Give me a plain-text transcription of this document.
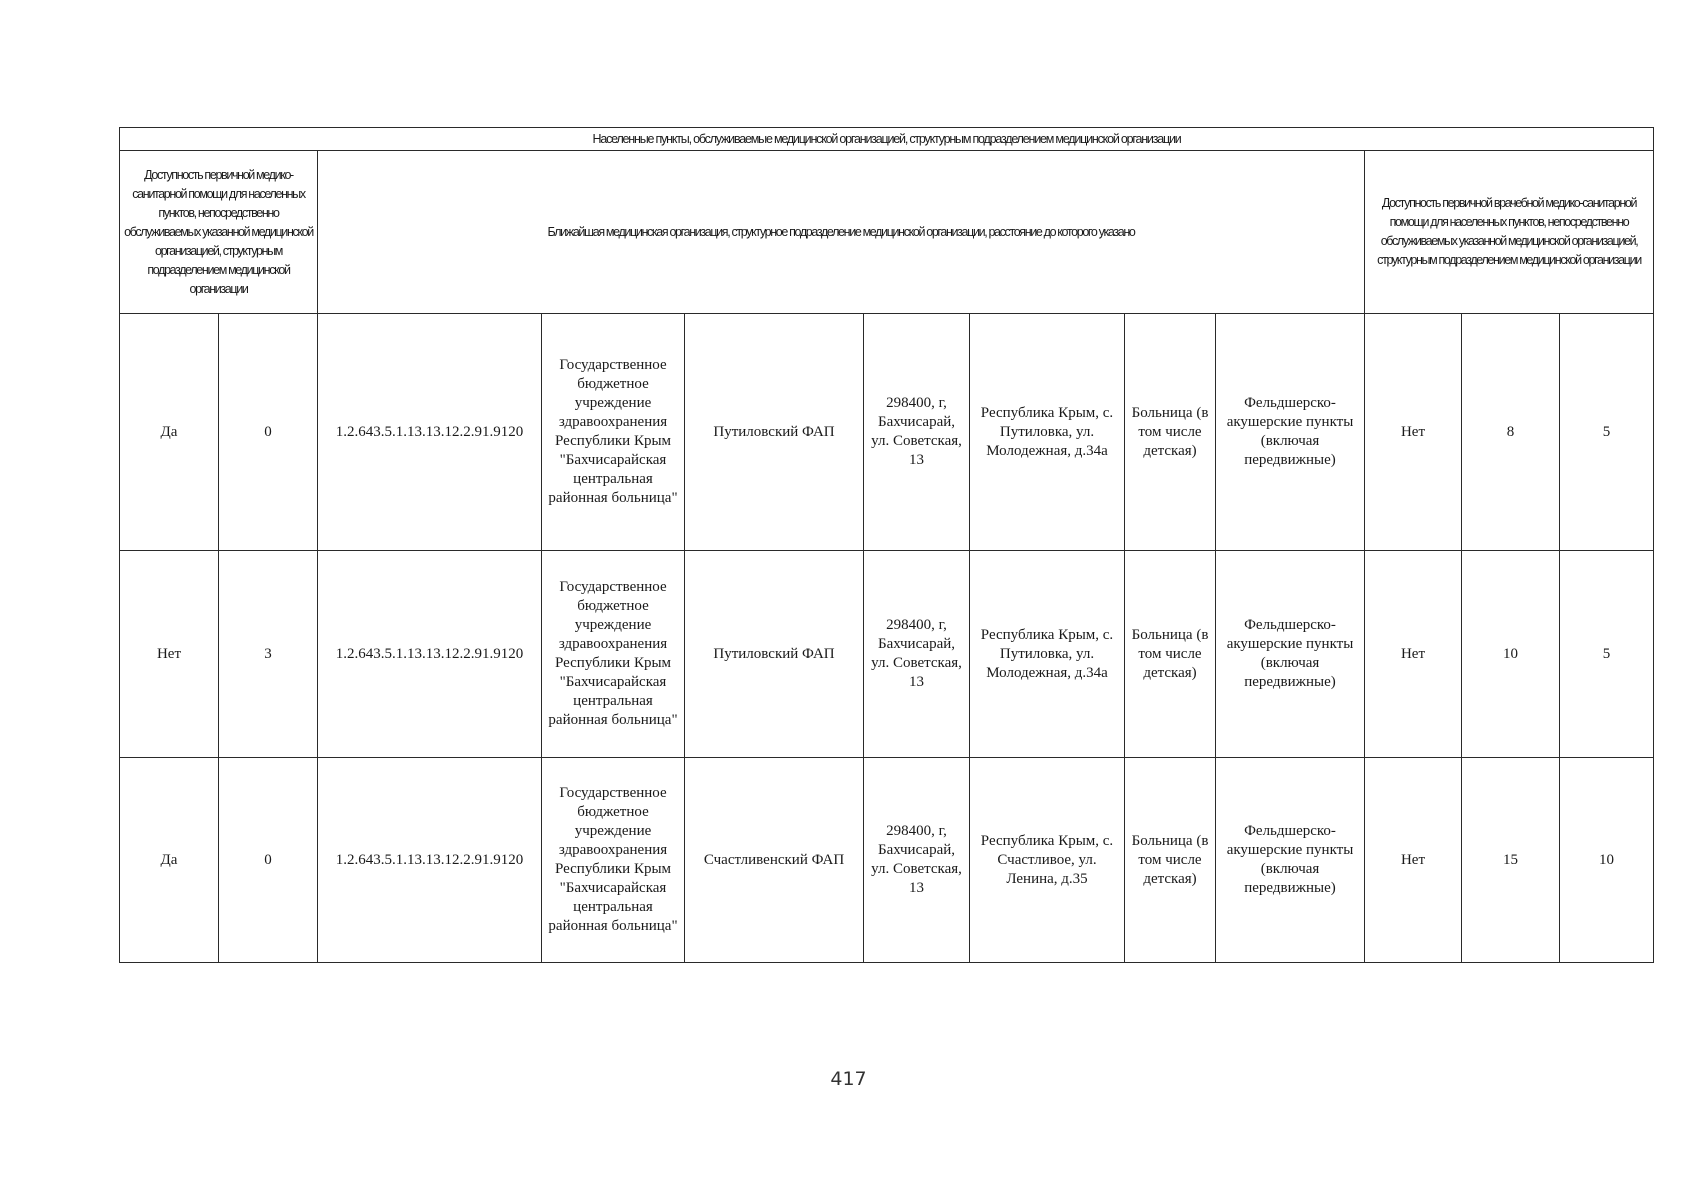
Населенные пункты, обслуживаемые медицинской организацией, структурным подразделением медицинской организации											
Доступность первичной медико-санитарной помощи для населенных пунктов, непосредственно обслуживаемых указанной медицинской организацией, структурным подразделением медицинской организации		Ближайшая медицинская организация, структурное подразделение медицинской организации, расстояние до которого указано							Доступность первичной врачебной медико-санитарной помощи для населенных пунктов, непосредственно обслуживаемых указанной медицинской организацией, структурным подразделением медицинской организации		
Да	0	1.2.643.5.1.13.13.12.2.91.9120	Государственное бюджетное учреждение здравоохранения Республики Крым "Бахчисарайская центральная районная больница"	Путиловский ФАП	298400, г, Бахчисарай, ул. Советская, 13	Республика Крым, с. Путиловка, ул. Молодежная, д.34а	Больница (в том числе детская)	Фельдшерско-акушерские пункты (включая передвижные)	Нет	8	5
Нет	3	1.2.643.5.1.13.13.12.2.91.9120	Государственное бюджетное учреждение здравоохранения Республики Крым "Бахчисарайская центральная районная больница"	Путиловский ФАП	298400, г, Бахчисарай, ул. Советская, 13	Республика Крым, с. Путиловка, ул. Молодежная, д.34а	Больница (в том числе детская)	Фельдшерско-акушерские пункты (включая передвижные)	Нет	10	5
Да	0	1.2.643.5.1.13.13.12.2.91.9120	Государственное бюджетное учреждение здравоохранения Республики Крым "Бахчисарайская центральная районная больница"	Счастливенский ФАП	298400, г, Бахчисарай, ул. Советская, 13	Республика Крым, с. Счастливое, ул. Ленина, д.35	Больница (в том числе детская)	Фельдшерско-акушерские пункты (включая передвижные)	Нет	15	10
417
